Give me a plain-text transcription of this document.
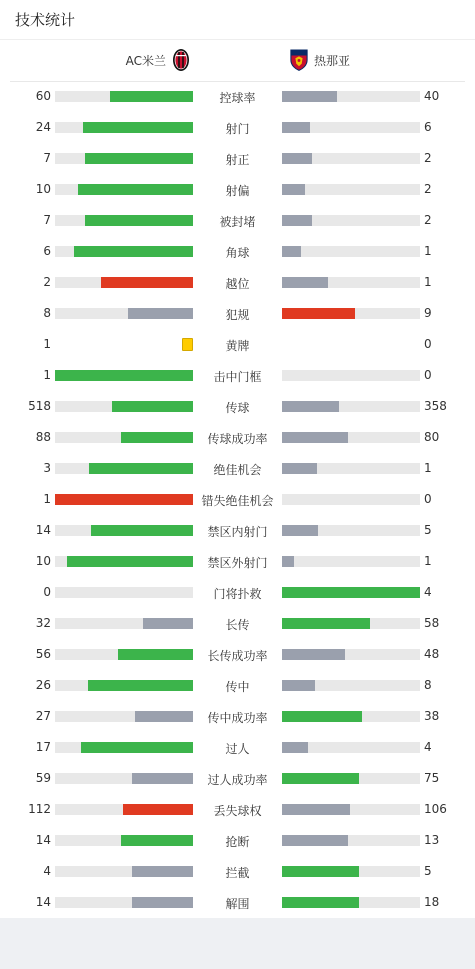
技术统计
AC米兰	热那亚
60	控球率	40
24	射门	6
7	射正	2
10	射偏	2
7	被封堵	2
6	角球	1
2	越位	1
8	犯规	9
1	黄牌	0
1	击中门框	0
518	传球	358
88	传球成功率	80
3	绝佳机会	1
1	错失绝佳机会	0
14	禁区内射门	5
10	禁区外射门	1
0	门将扑救	4
32	长传	58
56	长传成功率	48
26	传中	8
27	传中成功率	38
17	过人	4
59	过人成功率	75
112	丢失球权	106
14	抢断	13
4	拦截	5
14	解围	18
